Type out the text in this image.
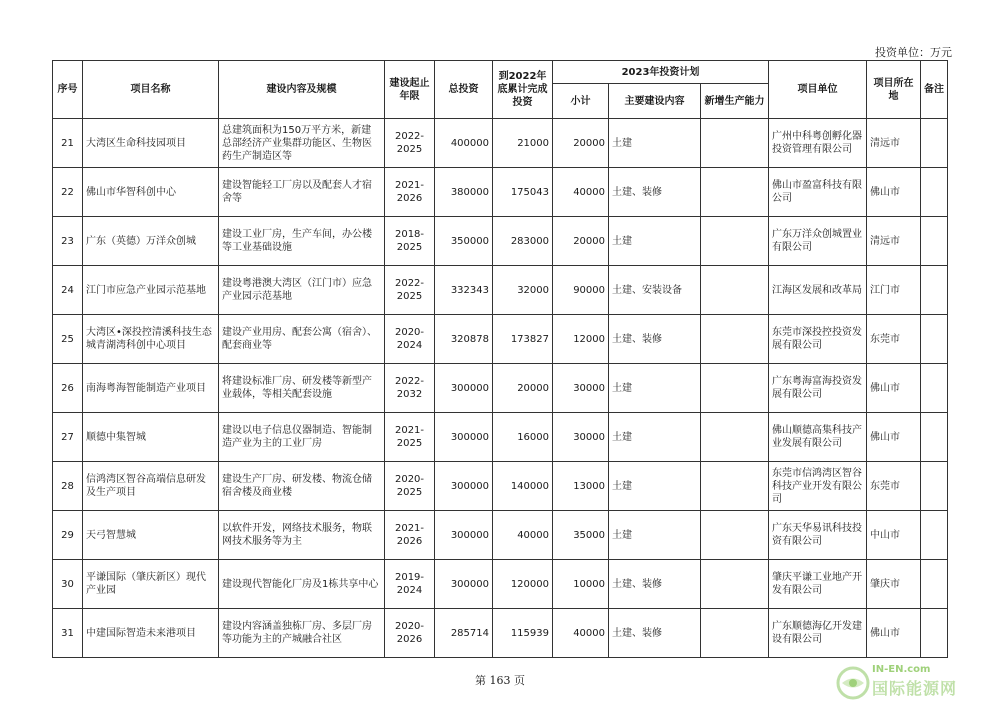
投资单位：万元
序号	项目名称	建设内容及规模	建设起止年限	总投资	到2022年底累计完成投资	2023年投资计划			项目单位	项目所在地	备注
						小计	主要建设内容	新增生产能力			
21	大湾区生命科技园项目	总建筑面积为150万平方米，新建总部经济产业集群功能区、生物医药生产制造区等	2022-2025	400000	21000	20000	土建		广州中科粤创孵化器投资管理有限公司	清远市	
22	佛山市华智科创中心	建设智能轻工厂房以及配套人才宿舍等	2021-2026	380000	175043	40000	土建、装修		佛山市盈富科技有限公司	佛山市	
23	广东（英德）万洋众创城	建设工业厂房，生产车间，办公楼等工业基础设施	2018-2025	350000	283000	20000	土建		广东万洋众创城置业有限公司	清远市	
24	江门市应急产业园示范基地	建设粤港澳大湾区（江门市）应急产业园示范基地	2022-2025	332343	32000	90000	土建、安装设备		江海区发展和改革局	江门市	
25	大湾区•深投控清溪科技生态城青湖湾科创中心项目	建设产业用房、配套公寓（宿舍）、配套商业等	2020-2024	320878	173827	12000	土建、装修		东莞市深投控投资发展有限公司	东莞市	
26	南海粤海智能制造产业项目	将建设标准厂房、研发楼等新型产业载体，等相关配套设施	2022-2032	300000	20000	30000	土建		广东粤海富海投资发展有限公司	佛山市	
27	顺德中集智城	建设以电子信息仪器制造、智能制造产业为主的工业厂房	2021-2025	300000	16000	30000	土建		佛山顺德高集科技产业发展有限公司	佛山市	
28	信鸿湾区智谷高端信息研发及生产项目	建设生产厂房、研发楼、物流仓储宿舍楼及商业楼	2020-2025	300000	140000	13000	土建		东莞市信鸿湾区智谷科技产业开发有限公司	东莞市	
29	天弓智慧城	以软件开发，网络技术服务，物联网技术服务等为主	2021-2026	300000	40000	35000	土建		广东天华易讯科技投资有限公司	中山市	
30	平谦国际（肇庆新区）现代产业园	建设现代智能化厂房及1栋共享中心	2019-2024	300000	120000	10000	土建、装修		肇庆平谦工业地产开发有限公司	肇庆市	
31	中建国际智造未来港项目	建设内容涵盖独栋厂房、多层厂房等功能为主的产城融合社区	2020-2026	285714	115939	40000	土建、装修		广东顺德海亿开发建设有限公司	佛山市	
第 163 页
IN-EN.com
国际能源网
